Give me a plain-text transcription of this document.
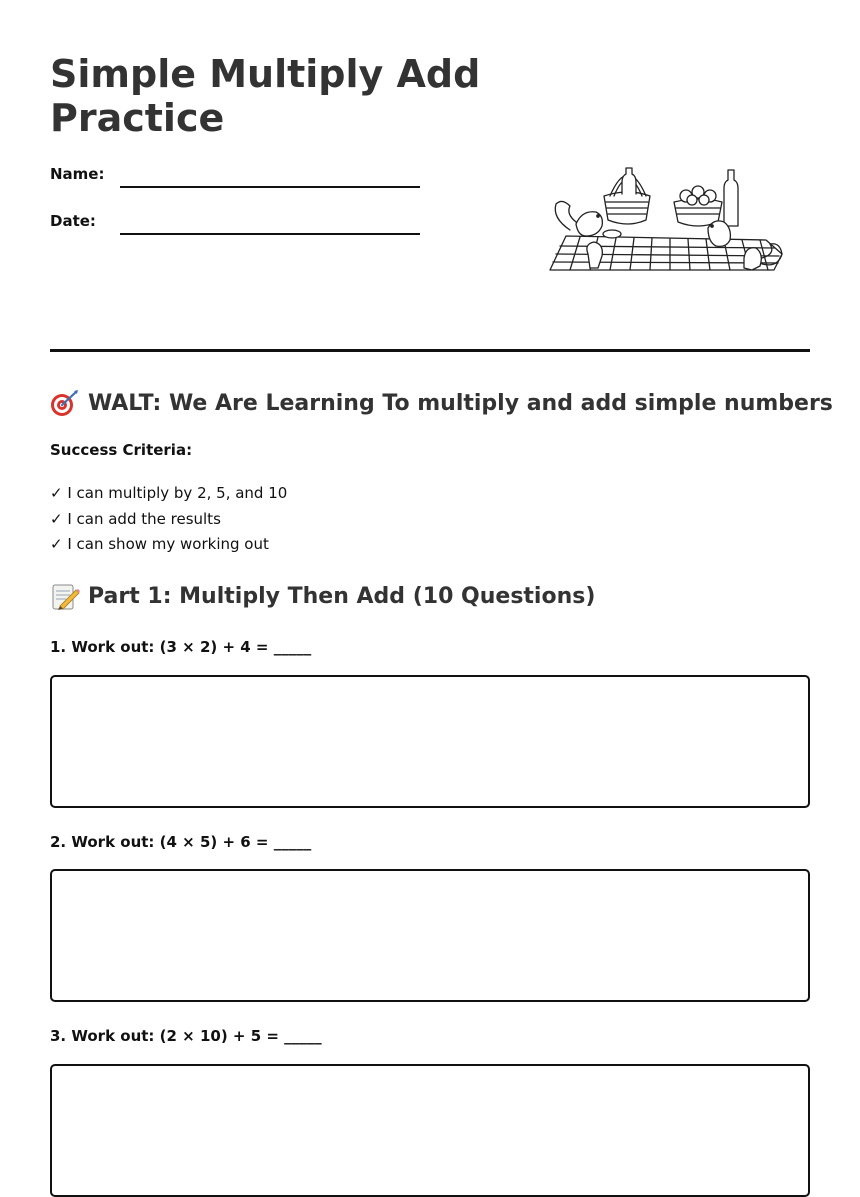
Simple Multiply Add Practice
Name:
Date:
WALT: We Are Learning To multiply and add simple numbers
Success Criteria:
✓ I can multiply by 2, 5, and 10
✓ I can add the results
✓ I can show my working out
Part 1: Multiply Then Add (10 Questions)
1. Work out: (3 × 2) + 4 = _____
2. Work out: (4 × 5) + 6 = _____
3. Work out: (2 × 10) + 5 = _____
